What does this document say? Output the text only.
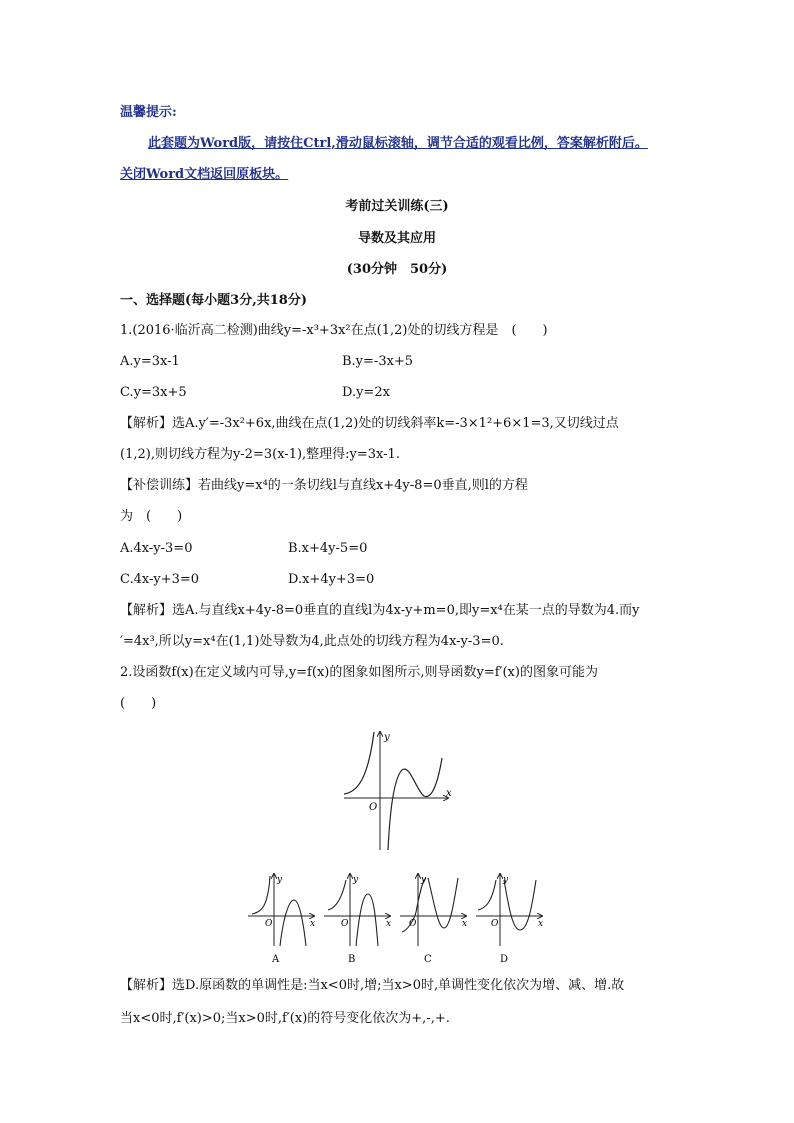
温馨提示:
此套题为Word版，请按住Ctrl,滑动鼠标滚轴，调节合适的观看比例，答案解析附后。
关闭Word文档返回原板块。
考前过关训练(三)
导数及其应用
(30分钟　50分)
一、选择题(每小题3分,共18分)
1.(2016·临沂高二检测)曲线y=-x³+3x²在点(1,2)处的切线方程是　(　　)
A.y=3x-1	B.y=-3x+5
C.y=3x+5	D.y=2x
【解析】选A.y′=-3x²+6x,曲线在点(1,2)处的切线斜率k=-3×1²+6×1=3,又切线过点
(1,2),则切线方程为y-2=3(x-1),整理得:y=3x-1.
【补偿训练】若曲线y=x⁴的一条切线l与直线x+4y-8=0垂直,则l的方程
为　(　　)
A.4x-y-3=0	B.x+4y-5=0
C.4x-y+3=0	D.x+4y+3=0
【解析】选A.与直线x+4y-8=0垂直的直线l为4x-y+m=0,即y=x⁴在某一点的导数为4.而y
′=4x³,所以y=x⁴在(1,1)处导数为4,此点处的切线方程为4x-y-3=0.
2.设函数f(x)在定义域内可导,y=f(x)的图象如图所示,则导函数y=f′(x)的图象可能为
(　　)
y
x
O
y
x
O
A
y
x
O
B
y
x
O
C
y
x
O
D
【解析】选D.原函数的单调性是:当x<0时,增;当x>0时,单调性变化依次为增、减、增.故
当x<0时,f′(x)>0;当x>0时,f′(x)的符号变化依次为+,-,+.
